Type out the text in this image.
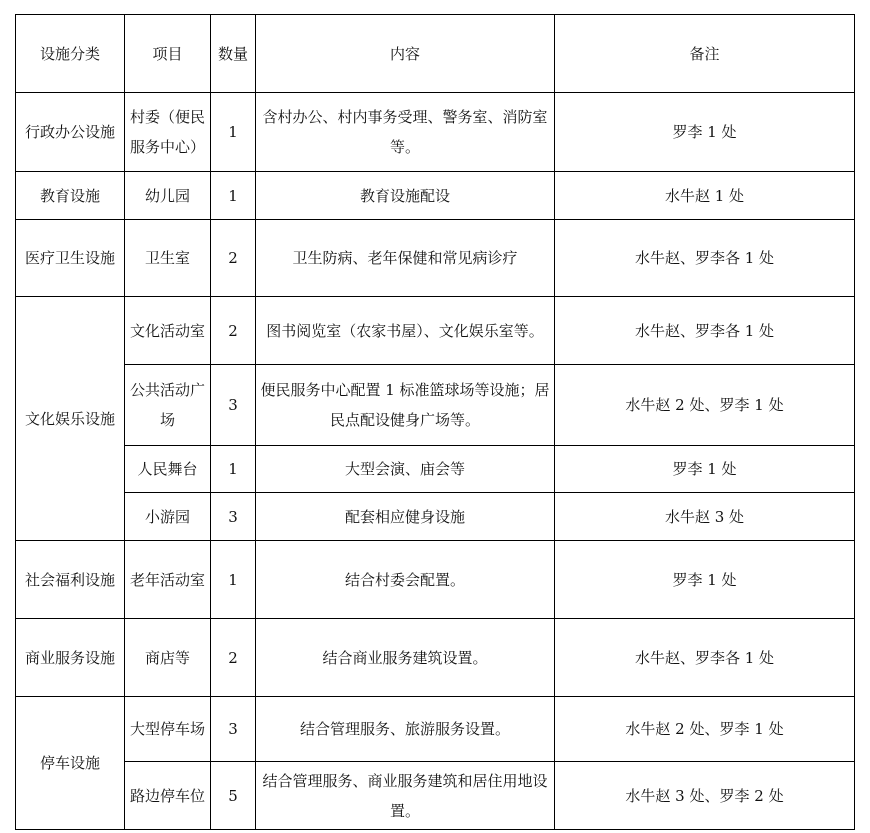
设施分类	项目	数量	内容	备注
行政办公设施	村委（便民服务中心）	1	含村办公、村内事务受理、警务室、消防室等。	罗李 1 处
教育设施	幼儿园	1	教育设施配设	水牛赵 1 处
医疗卫生设施	卫生室	2	卫生防病、老年保健和常见病诊疗	水牛赵、罗李各 1 处
文化娱乐设施	文化活动室	2	图书阅览室（农家书屋）、文化娱乐室等。	水牛赵、罗李各 1 处
	公共活动广场	3	便民服务中心配置 1 标准篮球场等设施；居民点配设健身广场等。	水牛赵 2 处、罗李 1 处
	人民舞台	1	大型会演、庙会等	罗李 1 处
	小游园	3	配套相应健身设施	水牛赵 3 处
社会福利设施	老年活动室	1	结合村委会配置。	罗李 1 处
商业服务设施	商店等	2	结合商业服务建筑设置。	水牛赵、罗李各 1 处
停车设施	大型停车场	3	结合管理服务、旅游服务设置。	水牛赵 2 处、罗李 1 处
	路边停车位	5	结合管理服务、商业服务建筑和居住用地设置。	水牛赵 3 处、罗李 2 处
